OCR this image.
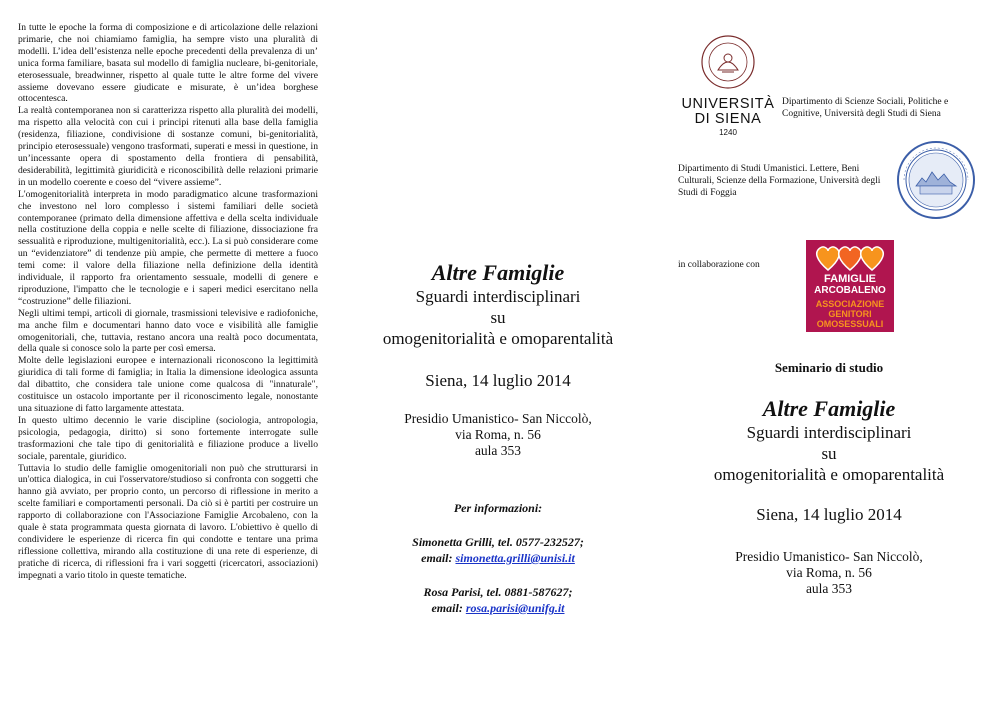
In tutte le epoche la forma di composizione e di articolazione delle relazioni primarie, che noi chiamiamo famiglia, ha sempre visto una pluralità di modelli. L’idea dell’esistenza nelle epoche precedenti della prevalenza di un’ unica forma familiare, basata sul modello di famiglia nucleare, bi-genitoriale, eterosessuale, breadwinner, rispetto al quale tutte le altre forme del vivere assieme dovevano essere giudicate e misurate, è un’idea borghese ottocentesca.

La realtà contemporanea non si caratterizza rispetto alla pluralità dei modelli, ma rispetto alla velocità con cui i principi ritenuti alla base della famiglia (residenza, filiazione, condivisione di sostanze comuni, bi-genitorialità, principio eterosessuale) vengono trasformati, superati e messi in questione, in un’incessante opera di spostamento della frontiera di pensabilità, desiderabilità, legittimità giuridicità e riconoscibilità delle relazioni primarie in un modello coerente e coeso del “vivere assieme”.

L'omogenitorialità interpreta in modo paradigmatico alcune trasformazioni che investono nel loro complesso i sistemi familiari delle società contemporanee (primato della dimensione affettiva e della scelta individuale nella costituzione della coppia e nelle scelte di filiazione, dissociazione fra sessualità e riproduzione, multigenitorialità, ecc.). La si può considerare come un “evidenziatore” di tendenze più ampie, che permette di mettere a fuoco temi come: il valore della filiazione nella definizione della identità individuale, il rapporto fra orientamento sessuale, modelli di genere e riproduzione, l'impatto che le tecnologie e i saperi medici esercitano nella “costruzione” delle filiazioni.

Negli ultimi tempi, articoli di giornale, trasmissioni televisive e radiofoniche, ma anche film e documentari hanno dato voce e visibilità alle famiglie omogenitoriali, che, tuttavia, restano ancora una realtà poco documentata, della quale si conosce solo la parte per così emersa.

Molte delle legislazioni europee e internazionali riconoscono la legittimità giuridica di tali forme di famiglia; in Italia la dimensione ideologica assunta dal dibattito, che considera tale unione come qualcosa di "innaturale", costituisce un ostacolo importante per il riconoscimento legale, nonostante una situazione di fatto largamente attestata.

In questo ultimo decennio le varie discipline (sociologia, antropologia, psicologia, pedagogia, diritto) si sono fortemente interrogate sulle trasformazioni che tale tipo di genitorialità e filiazione produce a livello sociale, parentale, giuridico.

Tuttavia lo studio delle famiglie omogenitoriali non può che strutturarsi in un'ottica dialogica, in cui l'osservatore/studioso si confronta con soggetti che hanno già avviato, per proprio conto, un percorso di riflessione in merito a scelte familiari e comportamenti personali. Da ciò si è partiti per costruire un rapporto di collaborazione con l'Associazione Famiglie Arcobaleno, con la quale è stata programmata questa giornata di lavoro. L'obiettivo è quello di condividere le esperienze di ricerca fin qui condotte e tentare una prima riflessione collettiva, mirando alla costituzione di una rete di esperienze, di pratiche di ricerca, di riflessioni fra i vari soggetti (ricercatori, associazioni) impegnati a vario titolo in queste tematiche.

Altre Famiglie
Sguardi interdisciplinari
su
omogenitorialità e omoparentalità
Siena, 14 luglio 2014
Presidio Umanistico- San Niccolò,
via Roma, n. 56
aula 353
Per informazioni:
Simonetta Grilli, tel. 0577-232527;
email: simonetta.grilli@unisi.it
Rosa Parisi, tel. 0881-587627;
email: rosa.parisi@unifg.it
UNIVERSITÀ
DI SIENA
1240
Dipartimento di Scienze Sociali, Politiche e Cognitive, Università degli Studi di Siena
Dipartimento di Studi Umanistici. Lettere, Beni Culturali, Scienze della Formazione, Università degli Studi di Foggia
in collaborazione con
FAMIGLIE
ARCOBALENO
ASSOCIAZIONE
GENITORI
OMOSESSUALI
Seminario di studio
Altre Famiglie
Sguardi interdisciplinari
su
omogenitorialità e omoparentalità
Siena, 14 luglio 2014
Presidio Umanistico- San Niccolò,
via Roma, n. 56
aula 353
